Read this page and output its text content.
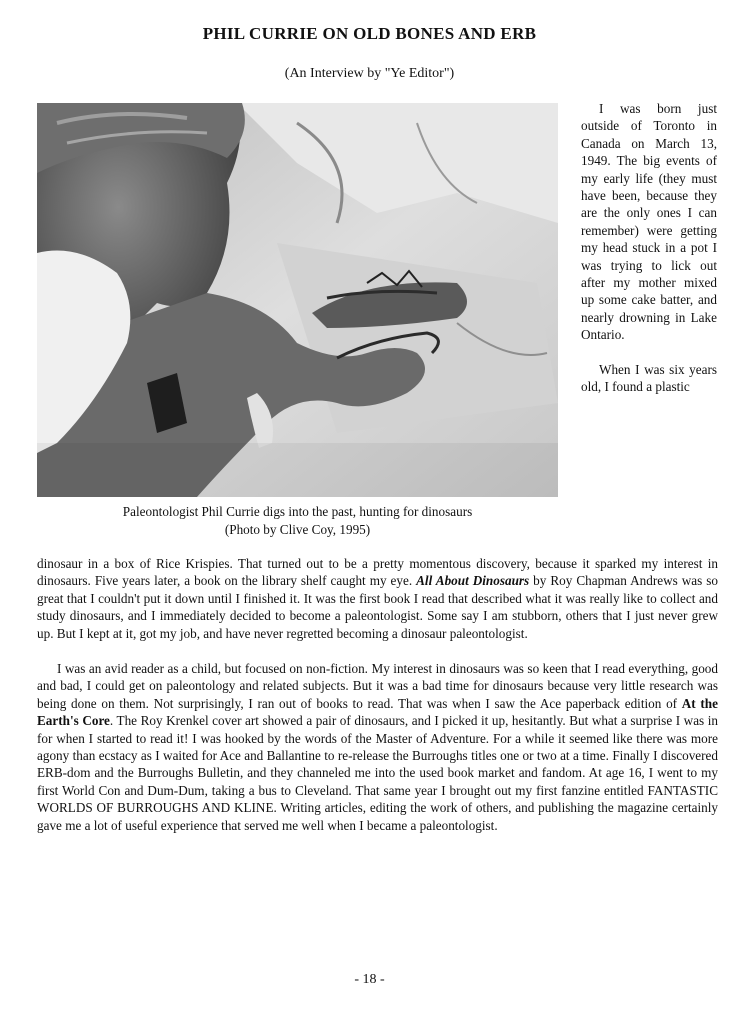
PHIL CURRIE ON OLD BONES AND ERB
(An Interview by "Ye Editor")
Paleontologist Phil Currie digs into the past, hunting for dinosaurs
(Photo by Clive Coy, 1995)

I was born just outside of Toronto in Canada on March 13, 1949. The big events of my early life (they must have been, because they are the only ones I can remember) were getting my head stuck in a pot I was trying to lick out after my mother mixed up some cake batter, and nearly drowning in Lake Ontario.

When I was six years old, I found a plastic

dinosaur in a box of Rice Krispies. That turned out to be a pretty momentous discovery, because it sparked my interest in dinosaurs. Five years later, a book on the library shelf caught my eye. All About Dinosaurs by Roy Chapman Andrews was so great that I couldn't put it down until I finished it. It was the first book I read that described what it was really like to collect and study dinosaurs, and I immediately decided to become a paleontologist. Some say I am stubborn, others that I just never grew up. But I kept at it, got my job, and have never regretted becoming a dinosaur paleontologist.

I was an avid reader as a child, but focused on non-fiction. My interest in dinosaurs was so keen that I read everything, good and bad, I could get on paleontology and related subjects. But it was a bad time for dinosaurs because very little research was being done on them. Not surprisingly, I ran out of books to read. That was when I saw the Ace paperback edition of At the Earth's Core. The Roy Krenkel cover art showed a pair of dinosaurs, and I picked it up, hesitantly. But what a surprise I was in for when I started to read it! I was hooked by the words of the Master of Adventure. For a while it seemed like there was more agony than ecstacy as I waited for Ace and Ballantine to re-release the Burroughs titles one or two at a time. Finally I discovered ERB-dom and the Burroughs Bulletin, and they channeled me into the used book market and fandom. At age 16, I went to my first World Con and Dum-Dum, taking a bus to Cleveland. That same year I brought out my first fanzine entitled FANTASTIC WORLDS OF BURROUGHS AND KLINE. Writing articles, editing the work of others, and publishing the magazine certainly gave me a lot of useful experience that served me well when I became a paleontologist.

- 18 -
